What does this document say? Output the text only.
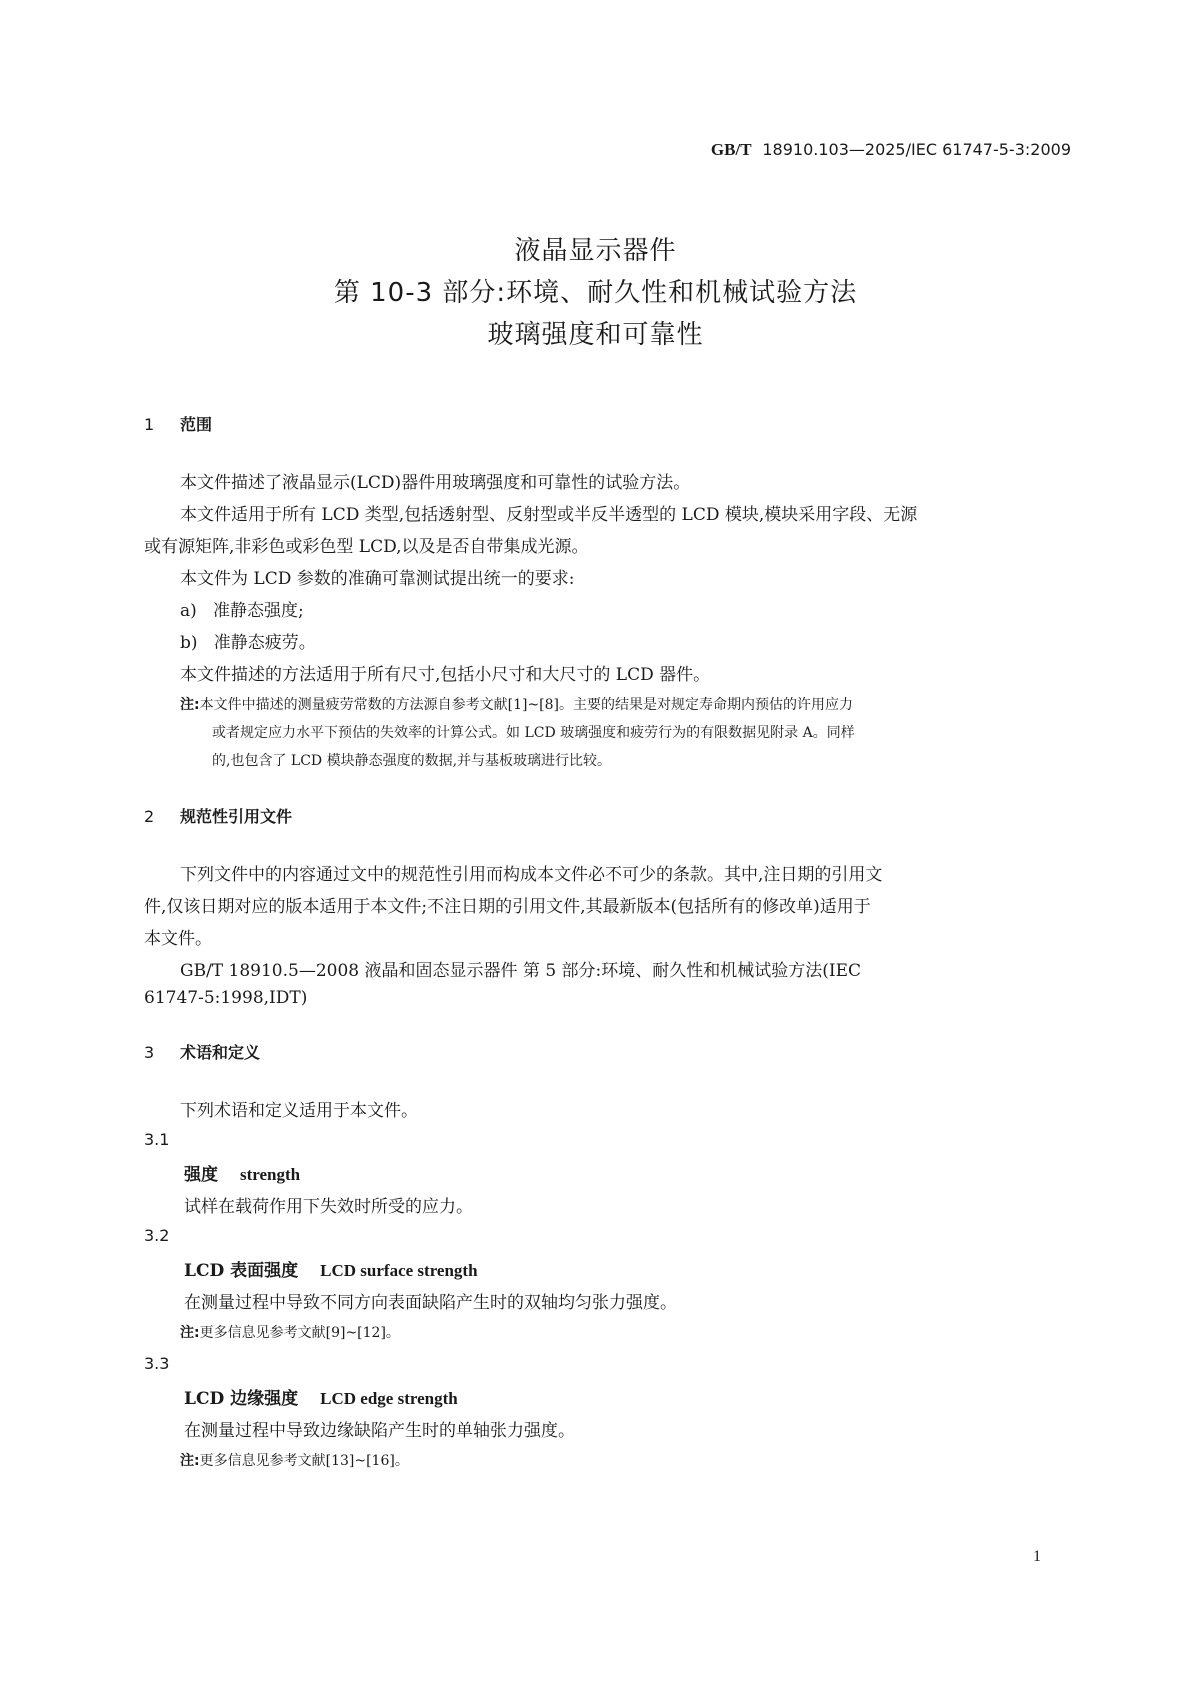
GB/T 18910.103—2025/IEC 61747-5-3:2009
液晶显示器件
第 10-3 部分:环境、耐久性和机械试验方法
玻璃强度和可靠性
1 范围
本文件描述了液晶显示(LCD)器件用玻璃强度和可靠性的试验方法。
本文件适用于所有 LCD 类型,包括透射型、反射型或半反半透型的 LCD 模块,模块采用字段、无源
或有源矩阵,非彩色或彩色型 LCD,以及是否自带集成光源。
本文件为 LCD 参数的准确可靠测试提出统一的要求:
a) 准静态强度;
b) 准静态疲劳。
本文件描述的方法适用于所有尺寸,包括小尺寸和大尺寸的 LCD 器件。
注:本文件中描述的测量疲劳常数的方法源自参考文献[1]~[8]。主要的结果是对规定寿命期内预估的许用应力
或者规定应力水平下预估的失效率的计算公式。如 LCD 玻璃强度和疲劳行为的有限数据见附录 A。同样
的,也包含了 LCD 模块静态强度的数据,并与基板玻璃进行比较。
2 规范性引用文件
下列文件中的内容通过文中的规范性引用而构成本文件必不可少的条款。其中,注日期的引用文
件,仅该日期对应的版本适用于本文件;不注日期的引用文件,其最新版本(包括所有的修改单)适用于
本文件。
GB/T 18910.5—2008 液晶和固态显示器件 第 5 部分:环境、耐久性和机械试验方法(IEC
61747-5:1998,IDT)
3 术语和定义
下列术语和定义适用于本文件。
3.1
强度 strength
试样在载荷作用下失效时所受的应力。
3.2
LCD 表面强度 LCD surface strength
在测量过程中导致不同方向表面缺陷产生时的双轴均匀张力强度。
注:更多信息见参考文献[9]~[12]。
3.3
LCD 边缘强度 LCD edge strength
在测量过程中导致边缘缺陷产生时的单轴张力强度。
注:更多信息见参考文献[13]~[16]。
1
